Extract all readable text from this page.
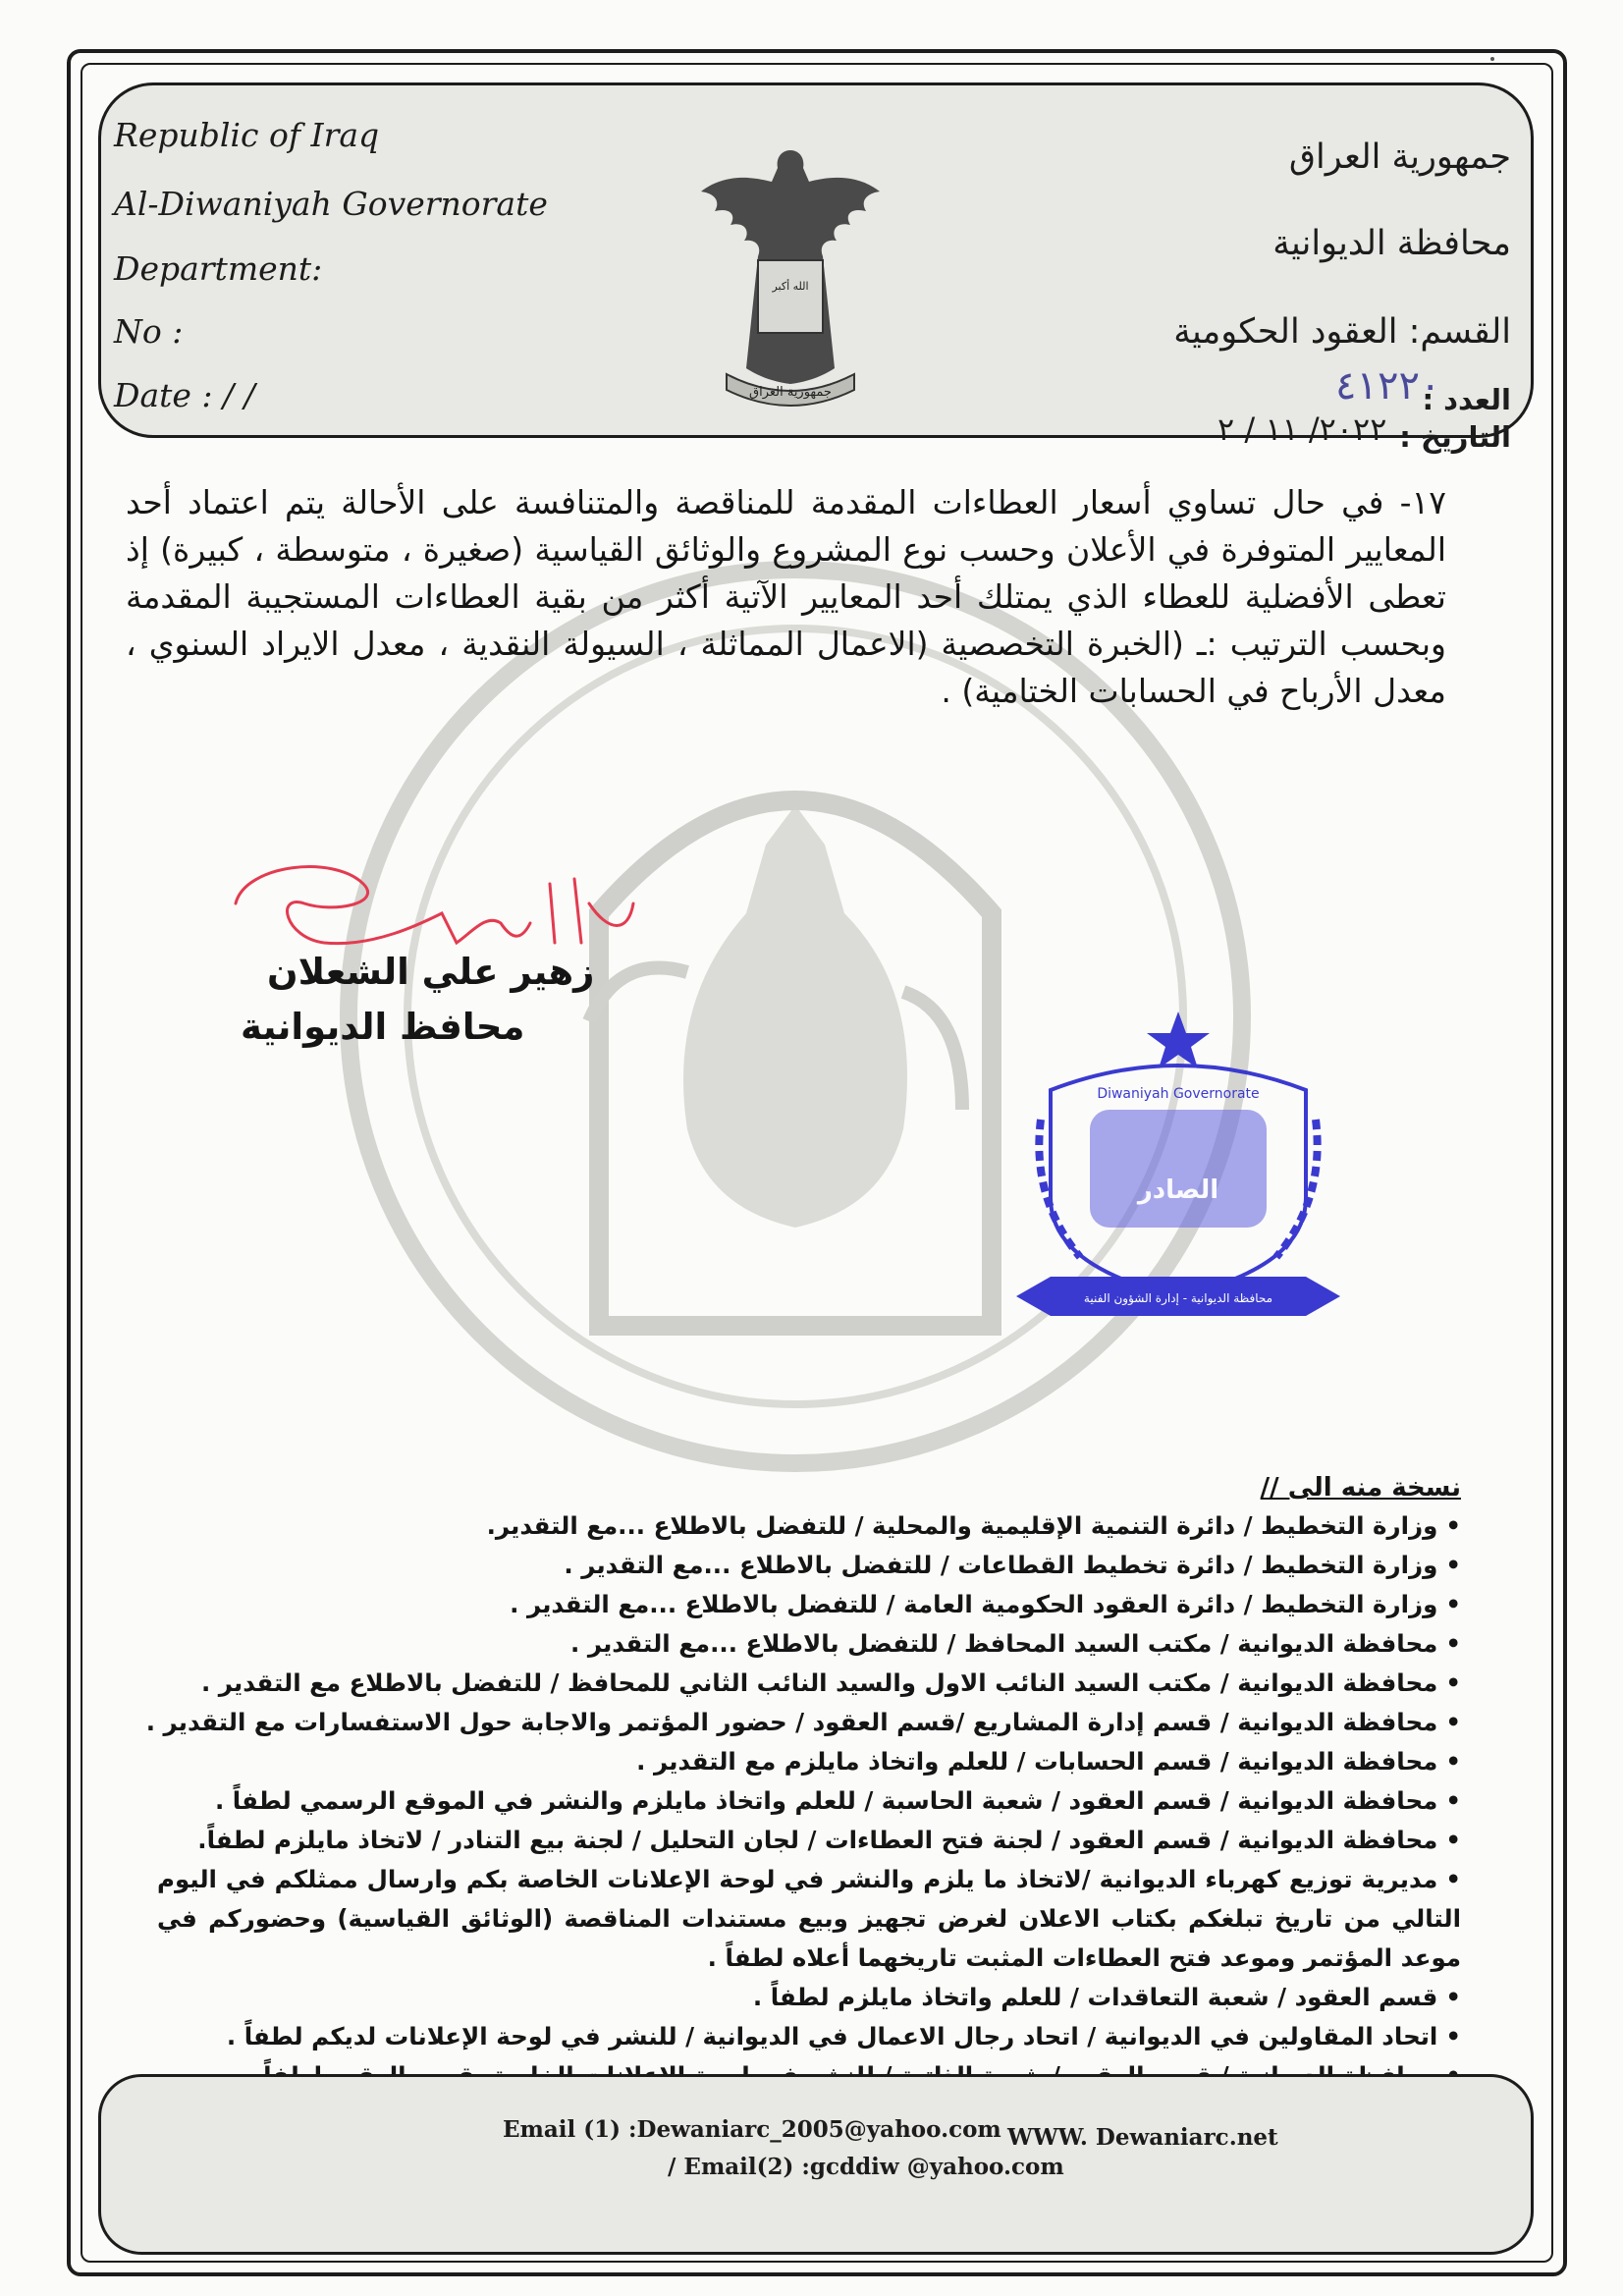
Republic of Iraq
Al-Diwaniyah Governorate
Department:
No :
Date : / /
جمهورية العراق
محافظة الديوانية
القسم: العقود الحكومية
العدد :
٤١٢٢٠
التاريخ :
٢٠٢٢/ ١١ / ٢
الله أكبر
جمهورية العراق
١٧- في حال تساوي أسعار العطاءات المقدمة للمناقصة والمتنافسة على الأحالة يتم اعتماد أحد المعايير المتوفرة في الأعلان وحسب نوع المشروع والوثائق القياسية (صغيرة ، متوسطة ، كبيرة) إذ تعطى الأفضلية للعطاء الذي يمتلك أحد المعايير الآتية أكثر من بقية العطاءات المستجيبة المقدمة وبحسب الترتيب :ـ (الخبرة التخصصية (الاعمال المماثلة ، السيولة النقدية ، معدل الايراد السنوي ، معدل الأرباح في الحسابات الختامية) .
زهير علي الشعلان
محافظ الديوانية
Diwaniyah Governorate
الصادر
محافظة الديوانية - إدارة الشؤون الفنية
نسخة منه الى //
•وزارة التخطيط / دائرة التنمية الإقليمية والمحلية / للتفضل بالاطلاع ...مع التقدير.
•وزارة التخطيط / دائرة تخطيط القطاعات / للتفضل بالاطلاع ...مع التقدير .
•وزارة التخطيط / دائرة العقود الحكومية العامة / للتفضل بالاطلاع ...مع التقدير .
•محافظة الديوانية / مكتب السيد المحافظ / للتفضل بالاطلاع ...مع التقدير .
•محافظة الديوانية / مكتب السيد النائب الاول والسيد النائب الثاني للمحافظ / للتفضل بالاطلاع مع التقدير .
•محافظة الديوانية / قسم إدارة المشاريع /قسم العقود / حضور المؤتمر والاجابة حول الاستفسارات مع التقدير .
•محافظة الديوانية / قسم الحسابات / للعلم واتخاذ مايلزم مع التقدير .
•محافظة الديوانية / قسم العقود / شعبة الحاسبة / للعلم واتخاذ مايلزم والنشر في الموقع الرسمي لطفاً .
•محافظة الديوانية / قسم العقود / لجنة فتح العطاءات / لجان التحليل / لجنة بيع التنادر / لاتخاذ مايلزم لطفاً.
•مديرية توزيع كهرباء الديوانية /لاتخاذ ما يلزم والنشر في لوحة الإعلانات الخاصة بكم وارسال ممثلكم في اليوم التالي من تاريخ تبلغكم بكتاب الاعلان لغرض تجهيز وبيع مستندات المناقصة (الوثائق القياسية) وحضوركم في موعد المؤتمر وموعد فتح العطاءات المثبت تاريخهما أعلاه لطفاً .
•قسم العقود / شعبة التعاقدات / للعلم واتخاذ مايلزم لطفاً .
•اتحاد المقاولين في الديوانية / اتحاد رجال الاعمال في الديوانية / للنشر في لوحة الإعلانات لديكم لطفاً .
Email (1) :Dewaniarc_2005@yahoo.com WWW. Dewaniarc.net
/ Email(2) :gcddiw @yahoo.com
